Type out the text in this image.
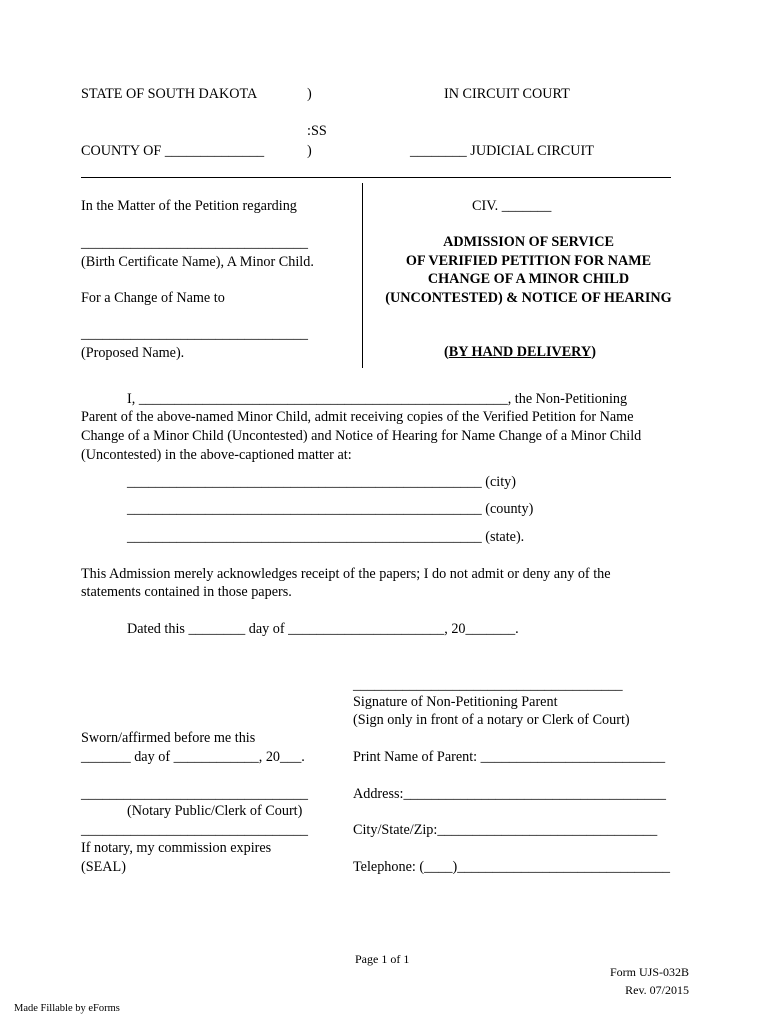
STATE OF SOUTH DAKOTA	)	IN CIRCUIT COURT
:SS
COUNTY OF ______________	)	________ JUDICIAL CIRCUIT
In the Matter of the Petition regarding
________________________________
(Birth Certificate Name), A Minor Child.
For a Change of Name to
________________________________
(Proposed Name).
CIV. _______
ADMISSION OF SERVICE
OF VERIFIED PETITION FOR NAME
CHANGE OF A MINOR CHILD
(UNCONTESTED) & NOTICE OF HEARING
(BY HAND DELIVERY)
I, ____________________________________________________, the Non-Petitioning
Parent of the above-named Minor Child, admit receiving copies of the Verified Petition for Name
Change of a Minor Child (Uncontested) and Notice of Hearing for Name Change of a Minor Child
(Uncontested) in the above-captioned matter at:
__________________________________________________ (city)
__________________________________________________ (county)
__________________________________________________ (state).
This Admission merely acknowledges receipt of the papers; I do not admit or deny any of the
statements contained in those papers.
Dated this ________ day of ______________________, 20_______.
______________________________________
Signature of Non-Petitioning Parent
(Sign only in front of a notary or Clerk of Court)
Print Name of Parent: __________________________
Address:_____________________________________
City/State/Zip:_______________________________
Telephone: (____)______________________________
Sworn/affirmed before me this
_______ day of ____________, 20___.
________________________________
(Notary Public/Clerk of Court)
________________________________
If notary, my commission expires
(SEAL)
Page 1 of 1
Form UJS-032B
Rev. 07/2015
Made Fillable by eForms
